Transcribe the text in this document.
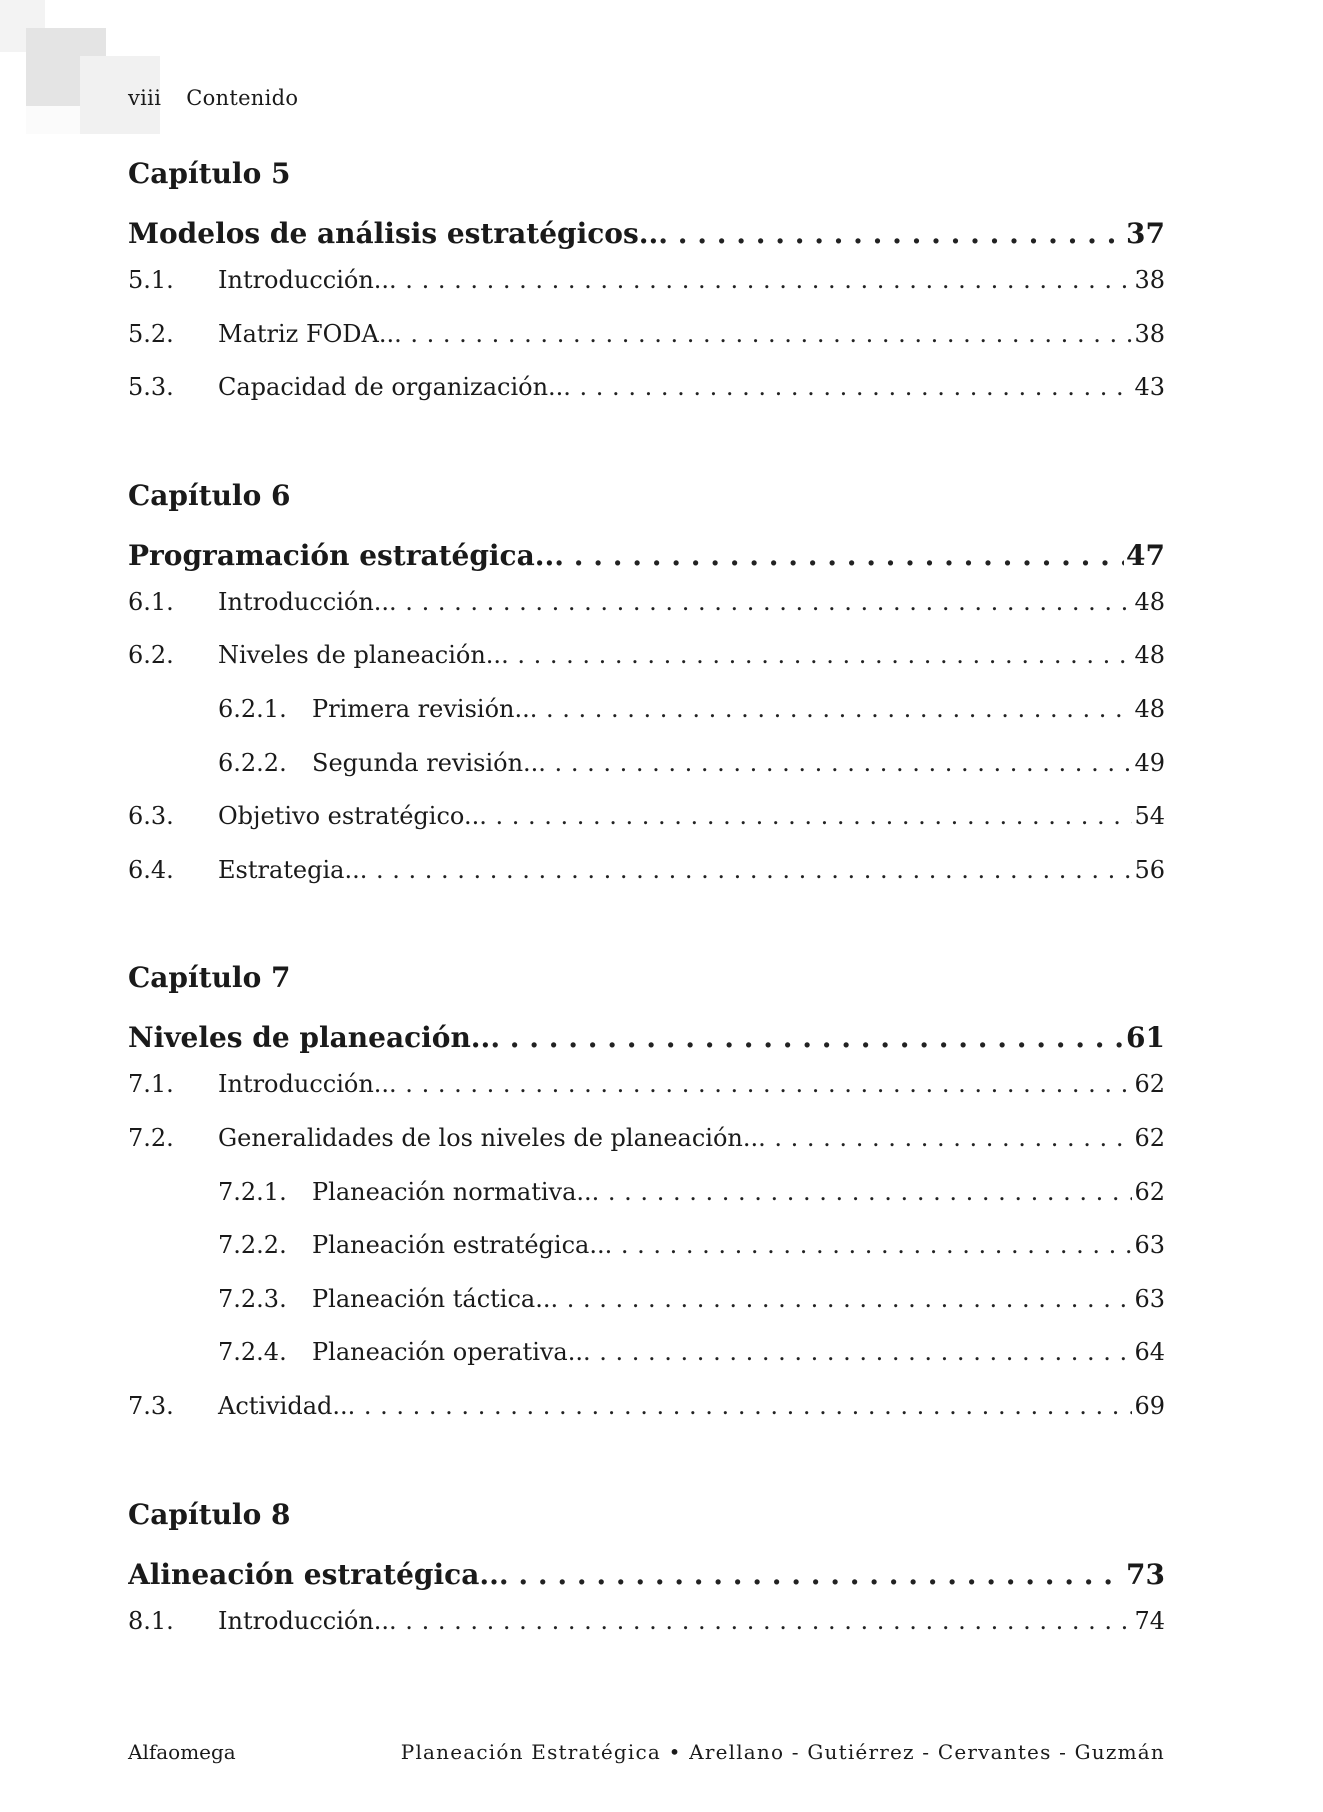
viii Contenido
Capítulo 5
Modelos de análisis estratégicos.. . . .	37
5.1.	Introducción.. . . .	38
5.2.	Matriz FODA.. . . .	38
5.3.	Capacidad de organización.. . . .	43
Capítulo 6
Programación estratégica.. . . .	47
6.1.	Introducción.. . . .	48
6.2.	Niveles de planeación.. . . .	48
6.2.1.	Primera revisión.. . . .	48
6.2.2.	Segunda revisión.. . . .	49
6.3.	Objetivo estratégico.. . . .	54
6.4.	Estrategia.. . . .	56
Capítulo 7
Niveles de planeación.. . . .	61
7.1.	Introducción.. . . .	62
7.2.	Generalidades de los niveles de planeación.. . . .	62
7.2.1.	Planeación normativa.. . . .	62
7.2.2.	Planeación estratégica.. . . .	63
7.2.3.	Planeación táctica.. . . .	63
7.2.4.	Planeación operativa.. . . .	64
7.3.	Actividad.. . . .	69
Capítulo 8
Alineación estratégica.. . . .	73
8.1.	Introducción.. . . .	74
Alfaomega	Planeación Estratégica • Arellano - Gutiérrez - Cervantes - Guzmán
